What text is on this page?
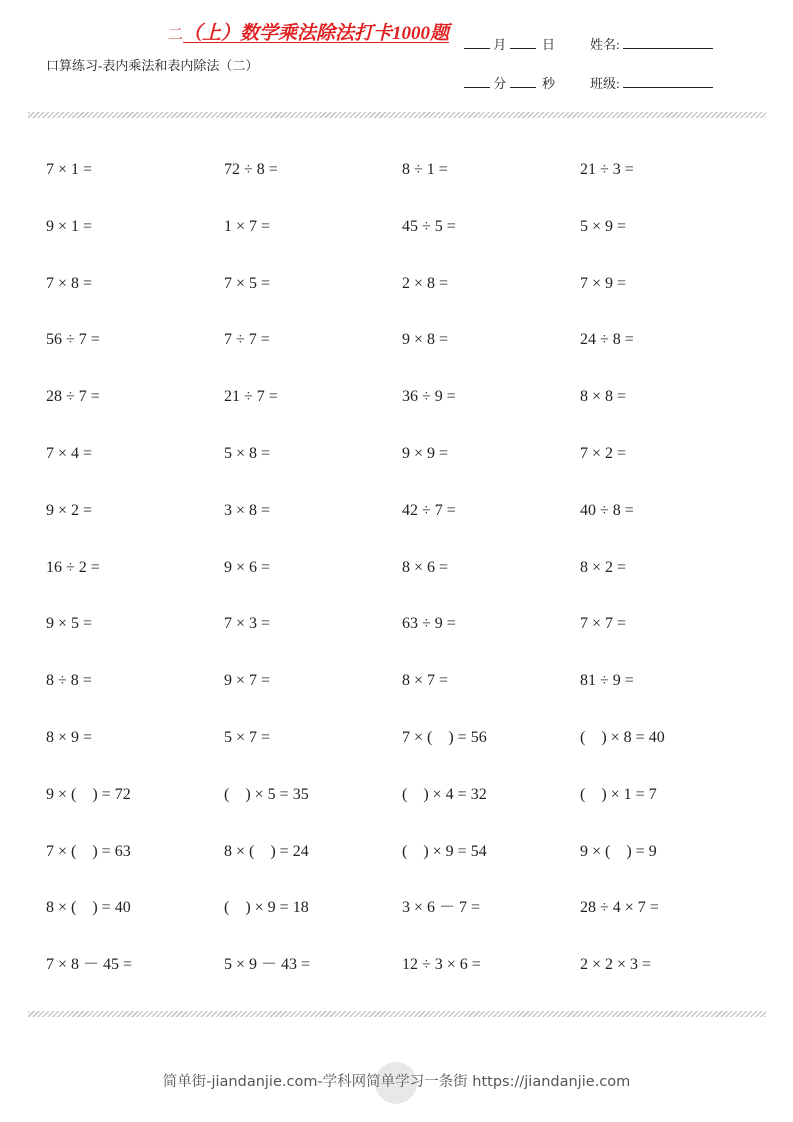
二（上）数学乘法除法打卡1000题
口算练习-表内乘法和表内除法（二）
月	日	姓名:
分	秒	班级:
7 × 1 =	72 ÷ 8 =	8 ÷ 1 =	21 ÷ 3 =
9 × 1 =	1 × 7 =	45 ÷ 5 =	5 × 9 =
7 × 8 =	7 × 5 =	2 × 8 =	7 × 9 =
56 ÷ 7 =	7 ÷ 7 =	9 × 8 =	24 ÷ 8 =
28 ÷ 7 =	21 ÷ 7 =	36 ÷ 9 =	8 × 8 =
7 × 4 =	5 × 8 =	9 × 9 =	7 × 2 =
9 × 2 =	3 × 8 =	42 ÷ 7 =	40 ÷ 8 =
16 ÷ 2 =	9 × 6 =	8 × 6 =	8 × 2 =
9 × 5 =	7 × 3 =	63 ÷ 9 =	7 × 7 =
8 ÷ 8 =	9 × 7 =	8 × 7 =	81 ÷ 9 =
8 × 9 =	5 × 7 =	7 × (　) = 56	(　) × 8 = 40
9 × (　) = 72	(　) × 5 = 35	(　) × 4 = 32	(　) × 1 = 7
7 × (　) = 63	8 × (　) = 24	(　) × 9 = 54	9 × (　) = 9
8 × (　) = 40	(　) × 9 = 18	3 × 6 － 7 =	28 ÷ 4 × 7 =
7 × 8 － 45 =	5 × 9 － 43 =	12 ÷ 3 × 6 =	2 × 2 × 3 =
简单街-jiandanjie.com-学科网简单学习一条街 https://jiandanjie.com
